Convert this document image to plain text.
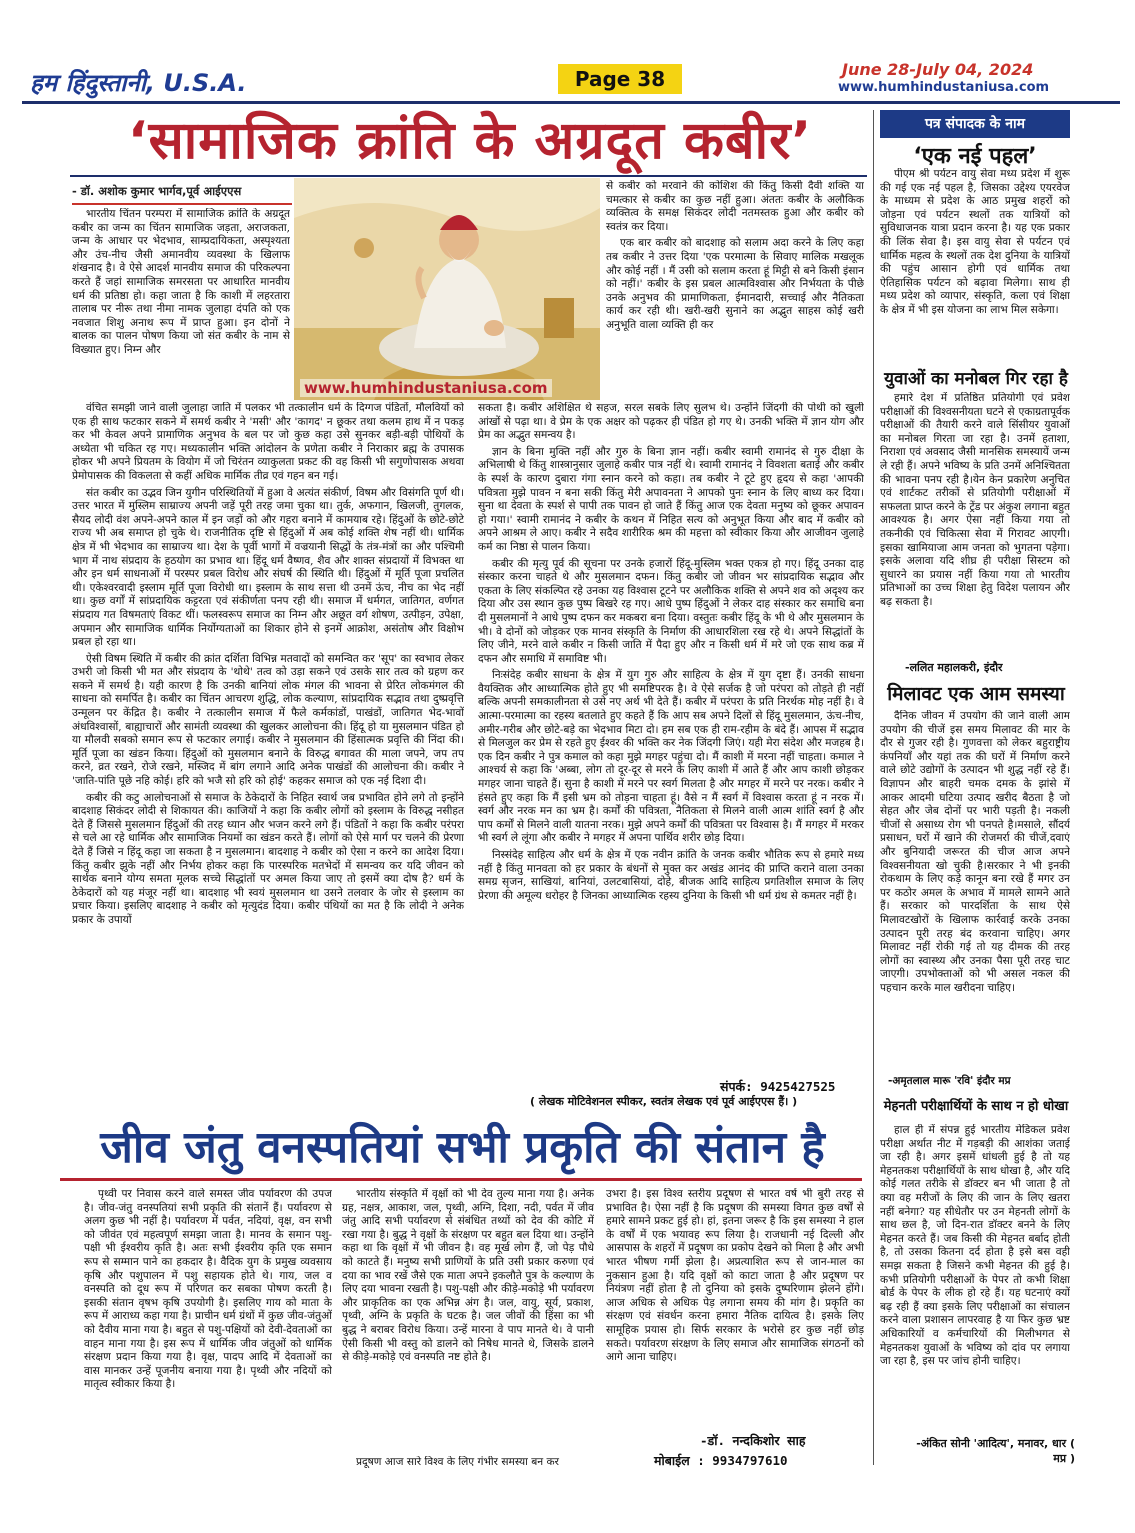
हम हिंदुस्तानी, U.S.A.	Page 38	June 28-July 04, 2024
www.humhindustaniusa.com
‘सामाजिक क्रांति के अग्रदूत कबीर’
- डॉ. अशोक कुमार भार्गव,पूर्व आईएएस
www.humhindustaniusa.com

भारतीय चिंतन परम्परा में सामाजिक क्रांति के अग्रदूत कबीर का जन्म का चिंतन सामाजिक जड़ता, अराजकता, जन्म के आधार पर भेदभाव, साम्प्रदायिकता, अस्पृश्यता और उंच-नीच जैसी अमानवीय व्यवस्था के खिलाफ शंखनाद है। वे ऐसे आदर्श मानवीय समाज की परिकल्पना करते हैं जहां सामाजिक समरसता पर आधारित मानवीय धर्म की प्रतिष्ठा हो। कहा जाता है कि काशी में लहरतारा तालाब पर नीरू तथा नीमा नामक जुलाहा दंपति को एक नवजात शिशु अनाथ रूप में प्राप्त हुआ। इन दोनों ने बालक का पालन पोषण किया जो संत कबीर के नाम से विख्यात हुए। निम्न और

से कबीर को मरवाने की कोशिश की किंतु किसी दैवी शक्ति या चमत्कार से कबीर का कुछ नहीं हुआ। अंततः कबीर के अलौकिक व्यक्तित्व के समक्ष सिकंदर लोदी नतमस्तक हुआ और कबीर को स्वतंत्र कर दिया।

एक बार कबीर को बादशाह को सलाम अदा करने के लिए कहा तब कबीर ने उत्तर दिया 'एक परमात्मा के सिवाए मालिक मखलूक और कोई नहीं । मैं उसी को सलाम करता हूं मिट्टी से बने किसी इंसान को नहीं।' कबीर के इस प्रबल आत्मविश्वास और निर्भयता के पीछे उनके अनुभव की प्रामाणिकता, ईमानदारी, सच्चाई और नैतिकता कार्य कर रही थी। खरी-खरी सुनाने का अद्भुत साहस कोई खरी अनुभूति वाला व्यक्ति ही कर

वंचित समझी जाने वाली जुलाहा जाति में पलकर भी तत्कालीन धर्म के दिग्गज पंडितों, मौलवियों को एक ही साथ फटकार सकने में समर्थ कबीर ने 'मसी' और 'कागद' न छूकर तथा कलम हाथ में न पकड़ कर भी केवल अपने प्रामाणिक अनुभव के बल पर जो कुछ कहा उसे सुनकर बड़ी-बड़ी पोथियों के अध्येता भी चकित रह गए। मध्यकालीन भक्ति आंदोलन के प्रणेता कबीर ने निराकार ब्रह्म के उपासक होकर भी अपने प्रियतम के वियोग में जो चिरंतन व्याकुलता प्रकट की वह किसी भी सगुणोपासक अथवा प्रेमोपासक की विकलता से कहीं अधिक मार्मिक तीव्र एवं गहन बन गई।

संत कबीर का उद्भव जिन युगीन परिस्थितियों में हुआ वे अत्यंत संकीर्ण, विषम और विसंगति पूर्ण थी। उत्तर भारत में मुस्लिम साम्राज्य अपनी जड़ें पूरी तरह जमा चुका था। तुर्क, अफगान, खिलजी, तुगलक, सैयद लोदी वंश अपने-अपने काल में इन जड़ों को और गहरा बनाने में कामयाब रहे। हिंदुओं के छोटे-छोटे राज्य भी अब समाप्त हो चुके थे। राजनीतिक दृष्टि से हिंदुओं में अब कोई शक्ति शेष नहीं थी। धार्मिक क्षेत्र में भी भेदभाव का साम्राज्य था। देश के पूर्वी भागों में वज्रयानी सिद्धों के तंत्र-मंत्रों का और पश्चिमी भाग में नाथ संप्रदाय के हठयोग का प्रभाव था। हिंदू धर्म वैष्णव, शैव और शाक्त संप्रदायों में विभक्त था और इन धर्म साधनाओं में परस्पर प्रबल विरोध और संघर्ष की स्थिति थी। हिंदुओं में मूर्ति पूजा प्रचलित थी। एकेश्वरवादी इस्लाम मूर्ति पूजा विरोधी था। इस्लाम के साथ सत्ता थी उनमें ऊंच, नीच का भेद नहीं था। कुछ वर्गों में सांप्रदायिक कट्टरता एवं संकीर्णता पनप रही थी। समाज में धर्मगत, जातिगत, वर्णगत संप्रदाय गत विषमताएं विकट थीं। फलस्वरूप समाज का निम्न और अछूत वर्ग शोषण, उत्पीड़न, उपेक्षा, अपमान और सामाजिक धार्मिक निर्योग्यताओं का शिकार होने से इनमें आक्रोश, असंतोष और विक्षोभ प्रबल हो रहा था।

ऐसी विषम स्थिति में कबीर की क्रांत दर्शिता विभिन्न मतवादों को समन्वित कर 'सूप' का स्वभाव लेकर उभरी जो किसी भी मत और संप्रदाय के 'थोथे' तत्व को उड़ा सकने एवं उसके सार तत्व को ग्रहण कर सकने में समर्थ है। यही कारण है कि उनकी बानियां लोक मंगल की भावना से प्रेरित लोकमंगल की साधना को समर्पित है। कबीर का चिंतन आचरण शुद्धि, लोक कल्याण, सांप्रदायिक सद्भाव तथा दुष्प्रवृत्ति उन्मूलन पर केंद्रित है। कबीर ने तत्कालीन समाज में फैले कर्मकांडों, पाखंडों, जातिगत भेद-भावों अंधविश्वासों, बाह्याचारों और सामंती व्यवस्था की खुलकर आलोचना की। हिंदू हो या मुसलमान पंडित हो या मौलवी सबको समान रूप से फटकार लगाई। कबीर ने मुसलमान की हिंसात्मक प्रवृत्ति की निंदा की। मूर्ति पूजा का खंडन किया। हिंदुओं को मुसलमान बनाने के विरुद्ध बगावत की माला जपने, जप तप करने, व्रत रखने, रोजे रखने, मस्जिद में बांग लगाने आदि अनेक पाखंडों की आलोचना की। कबीर ने 'जाति-पांति पूछे नहि कोई। हरि को भजै सो हरि को होई' कहकर समाज को एक नई दिशा दी।

कबीर की कटु आलोचनाओं से समाज के ठेकेदारों के निहित स्वार्थ जब प्रभावित होने लगे तो इन्होंने बादशाह सिकंदर लोदी से शिकायत की। काजियों ने कहा कि कबीर लोगों को इस्लाम के विरुद्ध नसीहत देते हैं जिससे मुसलमान हिंदुओं की तरह ध्यान और भजन करने लगे हैं। पंडितों ने कहा कि कबीर परंपरा से चले आ रहे धार्मिक और सामाजिक नियमों का खंडन करते हैं। लोगों को ऐसे मार्ग पर चलने की प्रेरणा देते हैं जिसे न हिंदू कहा जा सकता है न मुसलमान। बादशाह ने कबीर को ऐसा न करने का आदेश दिया। किंतु कबीर झुके नहीं और निर्भय होकर कहा कि पारस्परिक मतभेदों में समन्वय कर यदि जीवन को सार्थक बनाने योग्य समता मूलक सच्चे सिद्धांतों पर अमल किया जाए तो इसमें क्या दोष है? धर्म के ठेकेदारों को यह मंजूर नहीं था। बादशाह भी स्वयं मुसलमान था उसने तलवार के जोर से इस्लाम का प्रचार किया। इसलिए बादशाह ने कबीर को मृत्युदंड दिया। कबीर पंथियों का मत है कि लोदी ने अनेक प्रकार के उपायों

सकता है। कबीर अशिक्षित थे सहज, सरल सबके लिए सुलभ थे। उन्होंने जिंदगी की पोथी को खुली आंखों से पढ़ा था। वे प्रेम के एक अक्षर को पढ़कर ही पंडित हो गए थे। उनकी भक्ति में ज्ञान योग और प्रेम का अद्भुत समन्वय है।

ज्ञान के बिना मुक्ति नहीं और गुरु के बिना ज्ञान नहीं। कबीर स्वामी रामानंद से गुरु दीक्षा के अभिलाषी थे किंतु शास्त्रानुसार जुलाहे कबीर पात्र नहीं थे। स्वामी रामानंद ने विवशता बताई और कबीर के स्पर्श के कारण दुबारा गंगा स्नान करने को कहा। तब कबीर ने टूटे हुए हृदय से कहा 'आपकी पवित्रता मुझे पावन न बना सकी किंतु मेरी अपावनता ने आपको पुनः स्नान के लिए बाध्य कर दिया। सुना था देवता के स्पर्श से पापी तक पावन हो जाते हैं किंतु आज एक देवता मनुष्य को छूकर अपावन हो गया।' स्वामी रामानंद ने कबीर के कथन में निहित सत्य को अनुभूत किया और बाद में कबीर को अपने आश्रम ले आए। कबीर ने सदैव शारीरिक श्रम की महत्ता को स्वीकार किया और आजीवन जुलाहे कर्म का निष्ठा से पालन किया।

कबीर की मृत्यु पूर्व की सूचना पर उनके हजारों हिंदू-मुस्लिम भक्त एकत्र हो गए। हिंदू उनका दाह संस्कार करना चाहते थे और मुसलमान दफन। किंतु कबीर जो जीवन भर सांप्रदायिक सद्भाव और एकता के लिए संकल्पित रहे उनका यह विश्वास टूटने पर अलौकिक शक्ति से अपने शव को अदृश्य कर दिया और उस स्थान कुछ पुष्प बिखरे रह गए। आधे पुष्प हिंदुओं ने लेकर दाह संस्कार कर समाधि बना दी मुसलमानों ने आधे पुष्प दफन कर मकबरा बना दिया। वस्तुतः कबीर हिंदू के भी थे और मुसलमान के भी। वे दोनों को जोड़कर एक मानव संस्कृति के निर्माण की आधारशिला रख रहे थे। अपने सिद्धांतों के लिए जीने, मरने वाले कबीर न किसी जाति में पैदा हुए और न किसी धर्म में मरे जो एक साथ कब्र में दफन और समाधि में समाविष्ट भी।

निःसंदेह कबीर साधना के क्षेत्र में युग गुरु और साहित्य के क्षेत्र में युग दृष्टा हैं। उनकी साधना वैयक्तिक और आध्यात्मिक होते हुए भी समष्टिपरक है। वे ऐसे सर्जक है जो परंपरा को तोड़ते ही नहीं बल्कि अपनी समकालीनता से उसे नए अर्थ भी देते हैं। कबीर में परंपरा के प्रति निरर्थक मोह नहीं है। वे आत्मा-परमात्मा का रहस्य बतलाते हुए कहते हैं कि आप सब अपने दिलों से हिंदू मुसलमान, ऊंच-नीच, अमीर-गरीब और छोटे-बड़े का भेदभाव मिटा दो। हम सब एक ही राम-रहीम के बंदे हैं। आपस में सद्भाव से मिलजुल कर प्रेम से रहते हुए ईश्वर की भक्ति कर नेक जिंदगी जिएं। यही मेरा संदेश और मजहब है। एक दिन कबीर ने पुत्र कमाल को कहा मुझे मगहर पहुंचा दो। मैं काशी में मरना नहीं चाहता। कमाल ने आश्चर्य से कहा कि 'अब्बा, लोग तो दूर-दूर से मरने के लिए काशी में आते हैं और आप काशी छोड़कर मगहर जाना चाहते हैं। सुना है काशी में मरने पर स्वर्ग मिलता है और मगहर में मरने पर नरक। कबीर ने हंसते हुए कहा कि मैं इसी भ्रम को तोड़ना चाहता हूं। वैसे न मैं स्वर्ग में विश्वास करता हूं न नरक में। स्वर्ग और नरक मन का भ्रम है। कर्मों की पवित्रता, नैतिकता से मिलने वाली आत्म शांति स्वर्ग है और पाप कर्मों से मिलने वाली यातना नरक। मुझे अपने कर्मों की पवित्रता पर विश्वास है। मैं मगहर में मरकर भी स्वर्ग ले लूंगा और कबीर ने मगहर में अपना पार्थिव शरीर छोड़ दिया।

निस्संदेह साहित्य और धर्म के क्षेत्र में एक नवीन क्रांति के जनक कबीर भौतिक रूप से हमारे मध्य नहीं है किंतु मानवता को हर प्रकार के बंधनों से मुक्त कर अखंड आनंद की प्राप्ति कराने वाला उनका समग्र सृजन, साखियां, बानियां, उलटबासियां, दोहे, बीजक आदि साहित्य प्रगतिशील समाज के लिए प्रेरणा की अमूल्य धरोहर है जिनका आध्यात्मिक रहस्य दुनिया के किसी भी धर्म ग्रंथ से कमतर नहीं है।

संपर्क: 9425427525
( लेखक मोटिवेशनल स्पीकर, स्वतंत्र लेखक एवं पूर्व आईएएस हैं। )
पत्र संपादक के नाम
‘एक नई पहल’

पीएम श्री पर्यटन वायु सेवा मध्य प्रदेश में शुरू की गई एक नई पहल है, जिसका उद्देश्य एयरवेज के माध्यम से प्रदेश के आठ प्रमुख शहरों को जोड़ना एवं पर्यटन स्थलों तक यात्रियों को सुविधाजनक यात्रा प्रदान करना है। यह एक प्रकार की लिंक सेवा है। इस वायु सेवा से पर्यटन एवं धार्मिक महत्व के स्थलों तक देश दुनिया के यात्रियों की पहुंच आसान होगी एवं धार्मिक तथा ऐतिहासिक पर्यटन को बढ़ावा मिलेगा। साथ ही मध्य प्रदेश को व्यापार, संस्कृति, कला एवं शिक्षा के क्षेत्र में भी इस योजना का लाभ मिल सकेगा।

युवाओं का मनोबल गिर रहा है

हमारे देश में प्रतिष्ठित प्रतियोगी एवं प्रवेश परीक्षाओं की विश्वसनीयता घटने से एकाग्रतापूर्वक परीक्षाओं की तैयारी करने वाले सिंसीयर युवाओं का मनोबल गिरता जा रहा है। उनमें हताशा, निराशा एवं अवसाद जैसी मानसिक समस्यायें जन्म ले रही हैं। अपने भविष्य के प्रति उनमें अनिश्चितता की भावना पनप रही है।येन केन प्रकारेण अनुचित एवं शार्टकट तरीकों से प्रतियोगी परीक्षाओं में सफलता प्राप्त करने के ट्रेंड पर अंकुश लगाना बहुत आवश्यक है। अगर ऐसा नहीं किया गया तो तकनीकी एवं चिकित्सा सेवा में गिरावट आएगी। इसका खामियाजा आम जनता को भुगतना पड़ेगा। इसके अलावा यदि शीघ्र ही परीक्षा सिस्टम को सुधारने का प्रयास नहीं किया गया तो भारतीय प्रतिभाओं का उच्च शिक्षा हेतु विदेश पलायन और बढ़ सकता है।

-ललित महालकरी, इंदौर
मिलावट एक आम समस्या

दैनिक जीवन में उपयोग की जाने वाली आम उपयोग की चीजें इस समय मिलावट की मार के दौर से गुजर रही है। गुणवत्ता को लेकर बहुराष्ट्रीय कंपनियाँ और यहां तक की घरों में निर्माण करने वाले छोटे उद्योगों के उत्पादन भी शुद्ध नहीं रहे हैं। विज्ञापन और बाहरी चमक दमक के झांसे में आकर आदमी घटिया उत्पाद खरीद बैठता है जो सेहत और जेब दोनों पर भारी पड़ती है। नकली चीजों से असाध्य रोग भी पनपते है।मसाले, सौंदर्य प्रसाधन, घरों में खाने की रोजमर्रा की चीजें,दवाएं और बुनियादी जरूरत की चीज आज अपने विश्वसनीयता खो चुकी है।सरकार ने भी इनकी रोकथाम के लिए कड़े कानून बना रखे हैं मगर उन पर कठोर अमल के अभाव में मामले सामने आते हैं। सरकार को पारदर्शिता के साथ ऐसे मिलावटखोरों के खिलाफ कार्रवाई करके उनका उत्पादन पूरी तरह बंद करवाना चाहिए। अगर मिलावट नहीं रोकी गई तो यह दीमक की तरह लोगों का स्वास्थ्य और उनका पैसा पूरी तरह चाट जाएगी। उपभोक्ताओं को भी असल नकल की पहचान करके माल खरीदना चाहिए।

-अमृतलाल मारू 'रवि' इंदौर मप्र
मेहनती परीक्षार्थियों के साथ न हो धोखा

हाल ही में संपन्न हुई भारतीय मेडिकल प्रवेश परीक्षा अर्थात नीट में गड़बड़ी की आशंका जताई जा रही है। अगर इसमें धांधली हुई है तो यह मेहनतकश परीक्षार्थियों के साथ धोखा है, और यदि कोई गलत तरीके से डॉक्टर बन भी जाता है तो क्या वह मरीजों के लिए की जान के लिए खतरा नहीं बनेगा? यह सीधेतौर पर उन मेहनती लोगों के साथ छल है, जो दिन-रात डॉक्टर बनने के लिए मेहनत करते हैं। जब किसी की मेहनत बर्बाद होती है, तो उसका कितना दर्द होता है इसे बस वही समझ सकता है जिसने कभी मेहनत की हुई है। कभी प्रतियोगी परीक्षाओं के पेपर तो कभी शिक्षा बोर्ड के पेपर के लीक हो रहे हैं। यह घटनाएं क्यों बढ़ रही हैं क्या इसके लिए परीक्षाओं का संचालन करने वाला प्रशासन लापरवाह है या फिर कुछ भ्रष्ट अधिकारियों व कर्मचारियों की मिलीभगत से मेहनतकश युवाओं के भविष्य को दांव पर लगाया जा रहा है, इस पर जांच होनी चाहिए।

-अंकित सोनी 'आदित्य', मनावर, धार ( मप्र )
जीव जंतु वनस्पतियां सभी प्रकृति की संतान है

पृथ्वी पर निवास करने वाले समस्त जीव पर्यावरण की उपज है। जीव-जंतु वनस्पतियां सभी प्रकृति की संतानें हैं। पर्यावरण से अलग कुछ भी नहीं है। पर्यावरण में पर्वत, नदियां, वृक्ष, वन सभी को जीवंत एवं महत्वपूर्ण समझा जाता है। मानव के समान पशु-पक्षी भी ईश्वरीय कृति है। अतः सभी ईश्वरीय कृति एक समान रूप से सम्मान पाने का हकदार है। वैदिक युग के प्रमुख व्यवसाय कृषि और पशुपालन में पशु सहायक होते थे। गाय, जल व वनस्पति को दूध रूप में परिणत कर सबका पोषण करती है। इसकी संतान वृषभ कृषि उपयोगी है। इसलिए गाय को माता के रूप में आराध्य कहा गया है। प्राचीन धर्म ग्रंथों में कुछ जीव-जंतुओं को दैवीय माना गया है। बहुत से पशु-पक्षियों को देवी-देवताओं का वाहन माना गया है। इस रूप में धार्मिक जीव जंतुओं को धार्मिक संरक्षण प्रदान किया गया है। वृक्ष, पादप आदि में देवताओं का वास मानकर उन्हें पूजनीय बनाया गया है। पृथ्वी और नदियों को मातृत्व स्वीकार किया है।

भारतीय संस्कृति में वृक्षों को भी देव तुल्य माना गया है। अनेक ग्रह, नक्षत्र, आकाश, जल, पृथ्वी, अग्नि, दिशा, नदी, पर्वत में जीव जंतु आदि सभी पर्यावरण से संबंधित तथ्यों को देव की कोटि में रखा गया है। बुद्ध ने वृक्षों के संरक्षण पर बहुत बल दिया था। उन्होंने कहा था कि वृक्षों में भी जीवन है। वह मूर्ख लोग हैं, जो पेड़ पौधे को काटते हैं। मनुष्य सभी प्राणियों के प्रति उसी प्रकार करुणा एवं दया का भाव रखें जैसे एक माता अपने इकलौते पुत्र के कल्याण के लिए दया भावना रखती है। पशु-पक्षी और कीड़े-मकोड़े भी पर्यावरण और प्राकृतिक का एक अभिन्न अंग है। जल, वायु, सूर्य, प्रकाश, पृथ्वी, अग्नि के प्रकृति के घटक है। जल जीवों की हिंसा का भी बुद्ध ने बराबर विरोध किया। उन्हें मारना वे पाप मानते थे। वे पानी ऐसी किसी भी वस्तु को डालने को निषेध मानते थे, जिसके डालने से कीड़े-मकोड़े एवं वनस्पति नष्ट होते है।

प्रदूषण आज सारे विश्व के लिए गंभीर समस्या बन कर

उभरा है। इस विश्व स्तरीय प्रदूषण से भारत वर्ष भी बुरी तरह से प्रभावित है। ऐसा नहीं है कि प्रदूषण की समस्या विगत कुछ वर्षों से हमारे सामने प्रकट हुई हो। हां, इतना जरूर है कि इस समस्या ने हाल के वर्षों में एक भयावह रूप लिया है। राजधानी नई दिल्ली और आसपास के शहरों में प्रदूषण का प्रकोप देखने को मिला है और अभी भारत भीषण गर्मी झेला है। अप्रत्याशित रूप से जान-माल का नुकसान हुआ है। यदि वृक्षों को काटा जाता है और प्रदूषण पर नियंत्रण नहीं होता है तो दुनिया को इसके दुष्परिणाम झेलने होंगे। आज अधिक से अधिक पेड़ लगाना समय की मांग है। प्रकृति का संरक्षण एवं संवर्धन करना हमारा नैतिक दायित्व है। इसके लिए सामूहिक प्रयास हो। सिर्फ सरकार के भरोसे हर कुछ नहीं छोड़ सकते। पर्यावरण संरक्षण के लिए समाज और सामाजिक संगठनों को आगे आना चाहिए।

-डॉ. नन्दकिशोर साह
मोबाईल : 9934797610
